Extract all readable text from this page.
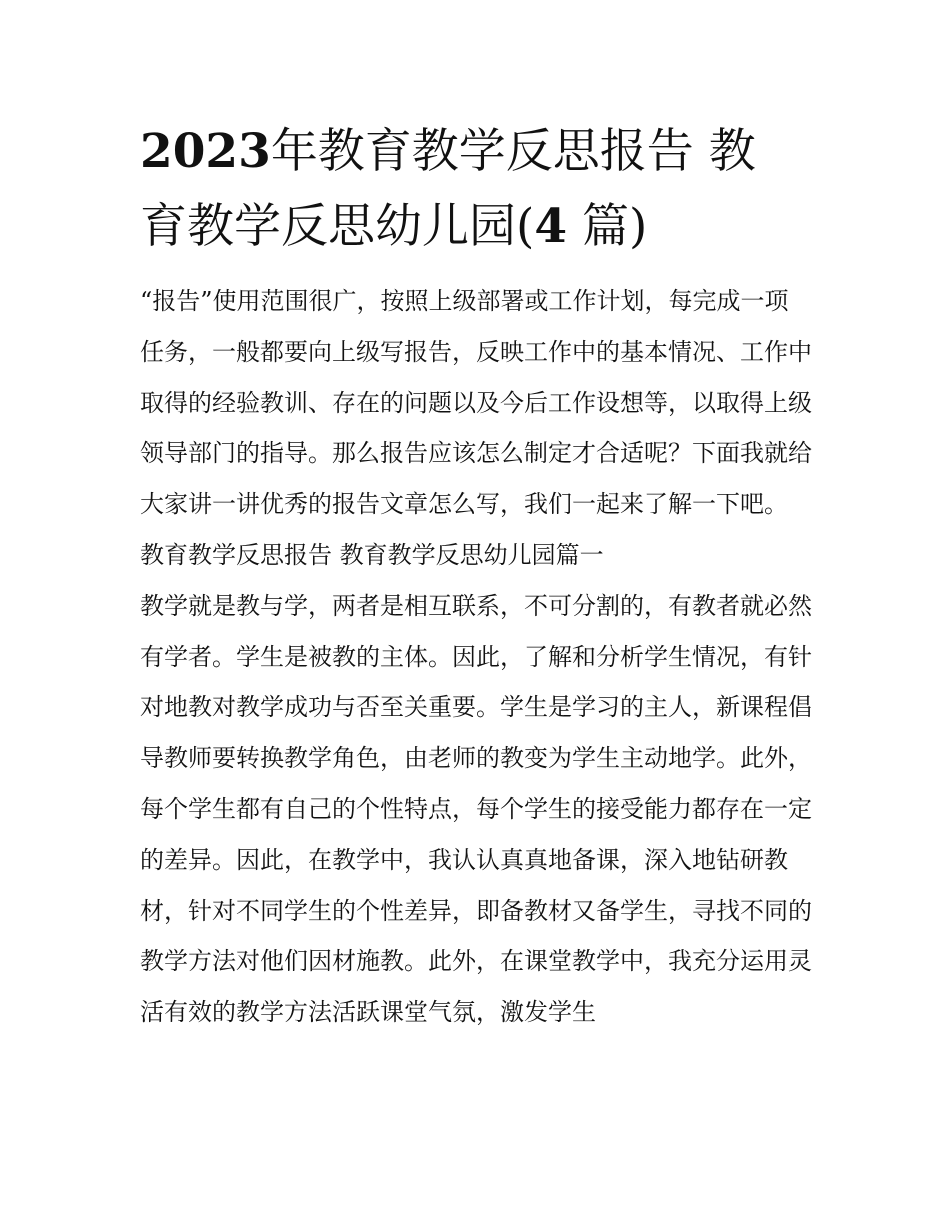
2023年教育教学反思报告 教
育教学反思幼儿园(4 篇)

“报告”使用范围很广，按照上级部署或工作计划，每完成一项任务，一般都要向上级写报告，反映工作中的基本情况、工作中取得的经验教训、存在的问题以及今后工作设想等，以取得上级领导部门的指导。那么报告应该怎么制定才合适呢？下面我就给大家讲一讲优秀的报告文章怎么写，我们一起来了解一下吧。

教育教学反思报告 教育教学反思幼儿园篇一

教学就是教与学，两者是相互联系，不可分割的，有教者就必然有学者。学生是被教的主体。因此，了解和分析学生情况，有针对地教对教学成功与否至关重要。学生是学习的主人，新课程倡导教师要转换教学角色，由老师的教变为学生主动地学。此外，每个学生都有自己的个性特点，每个学生的接受能力都存在一定的差异。因此，在教学中，我认认真真地备课，深入地钻研教材，针对不同学生的个性差异，即备教材又备学生，寻找不同的教学方法对他们因材施教。此外，在课堂教学中，我充分运用灵活有效的教学方法活跃课堂气氛，激发学生
